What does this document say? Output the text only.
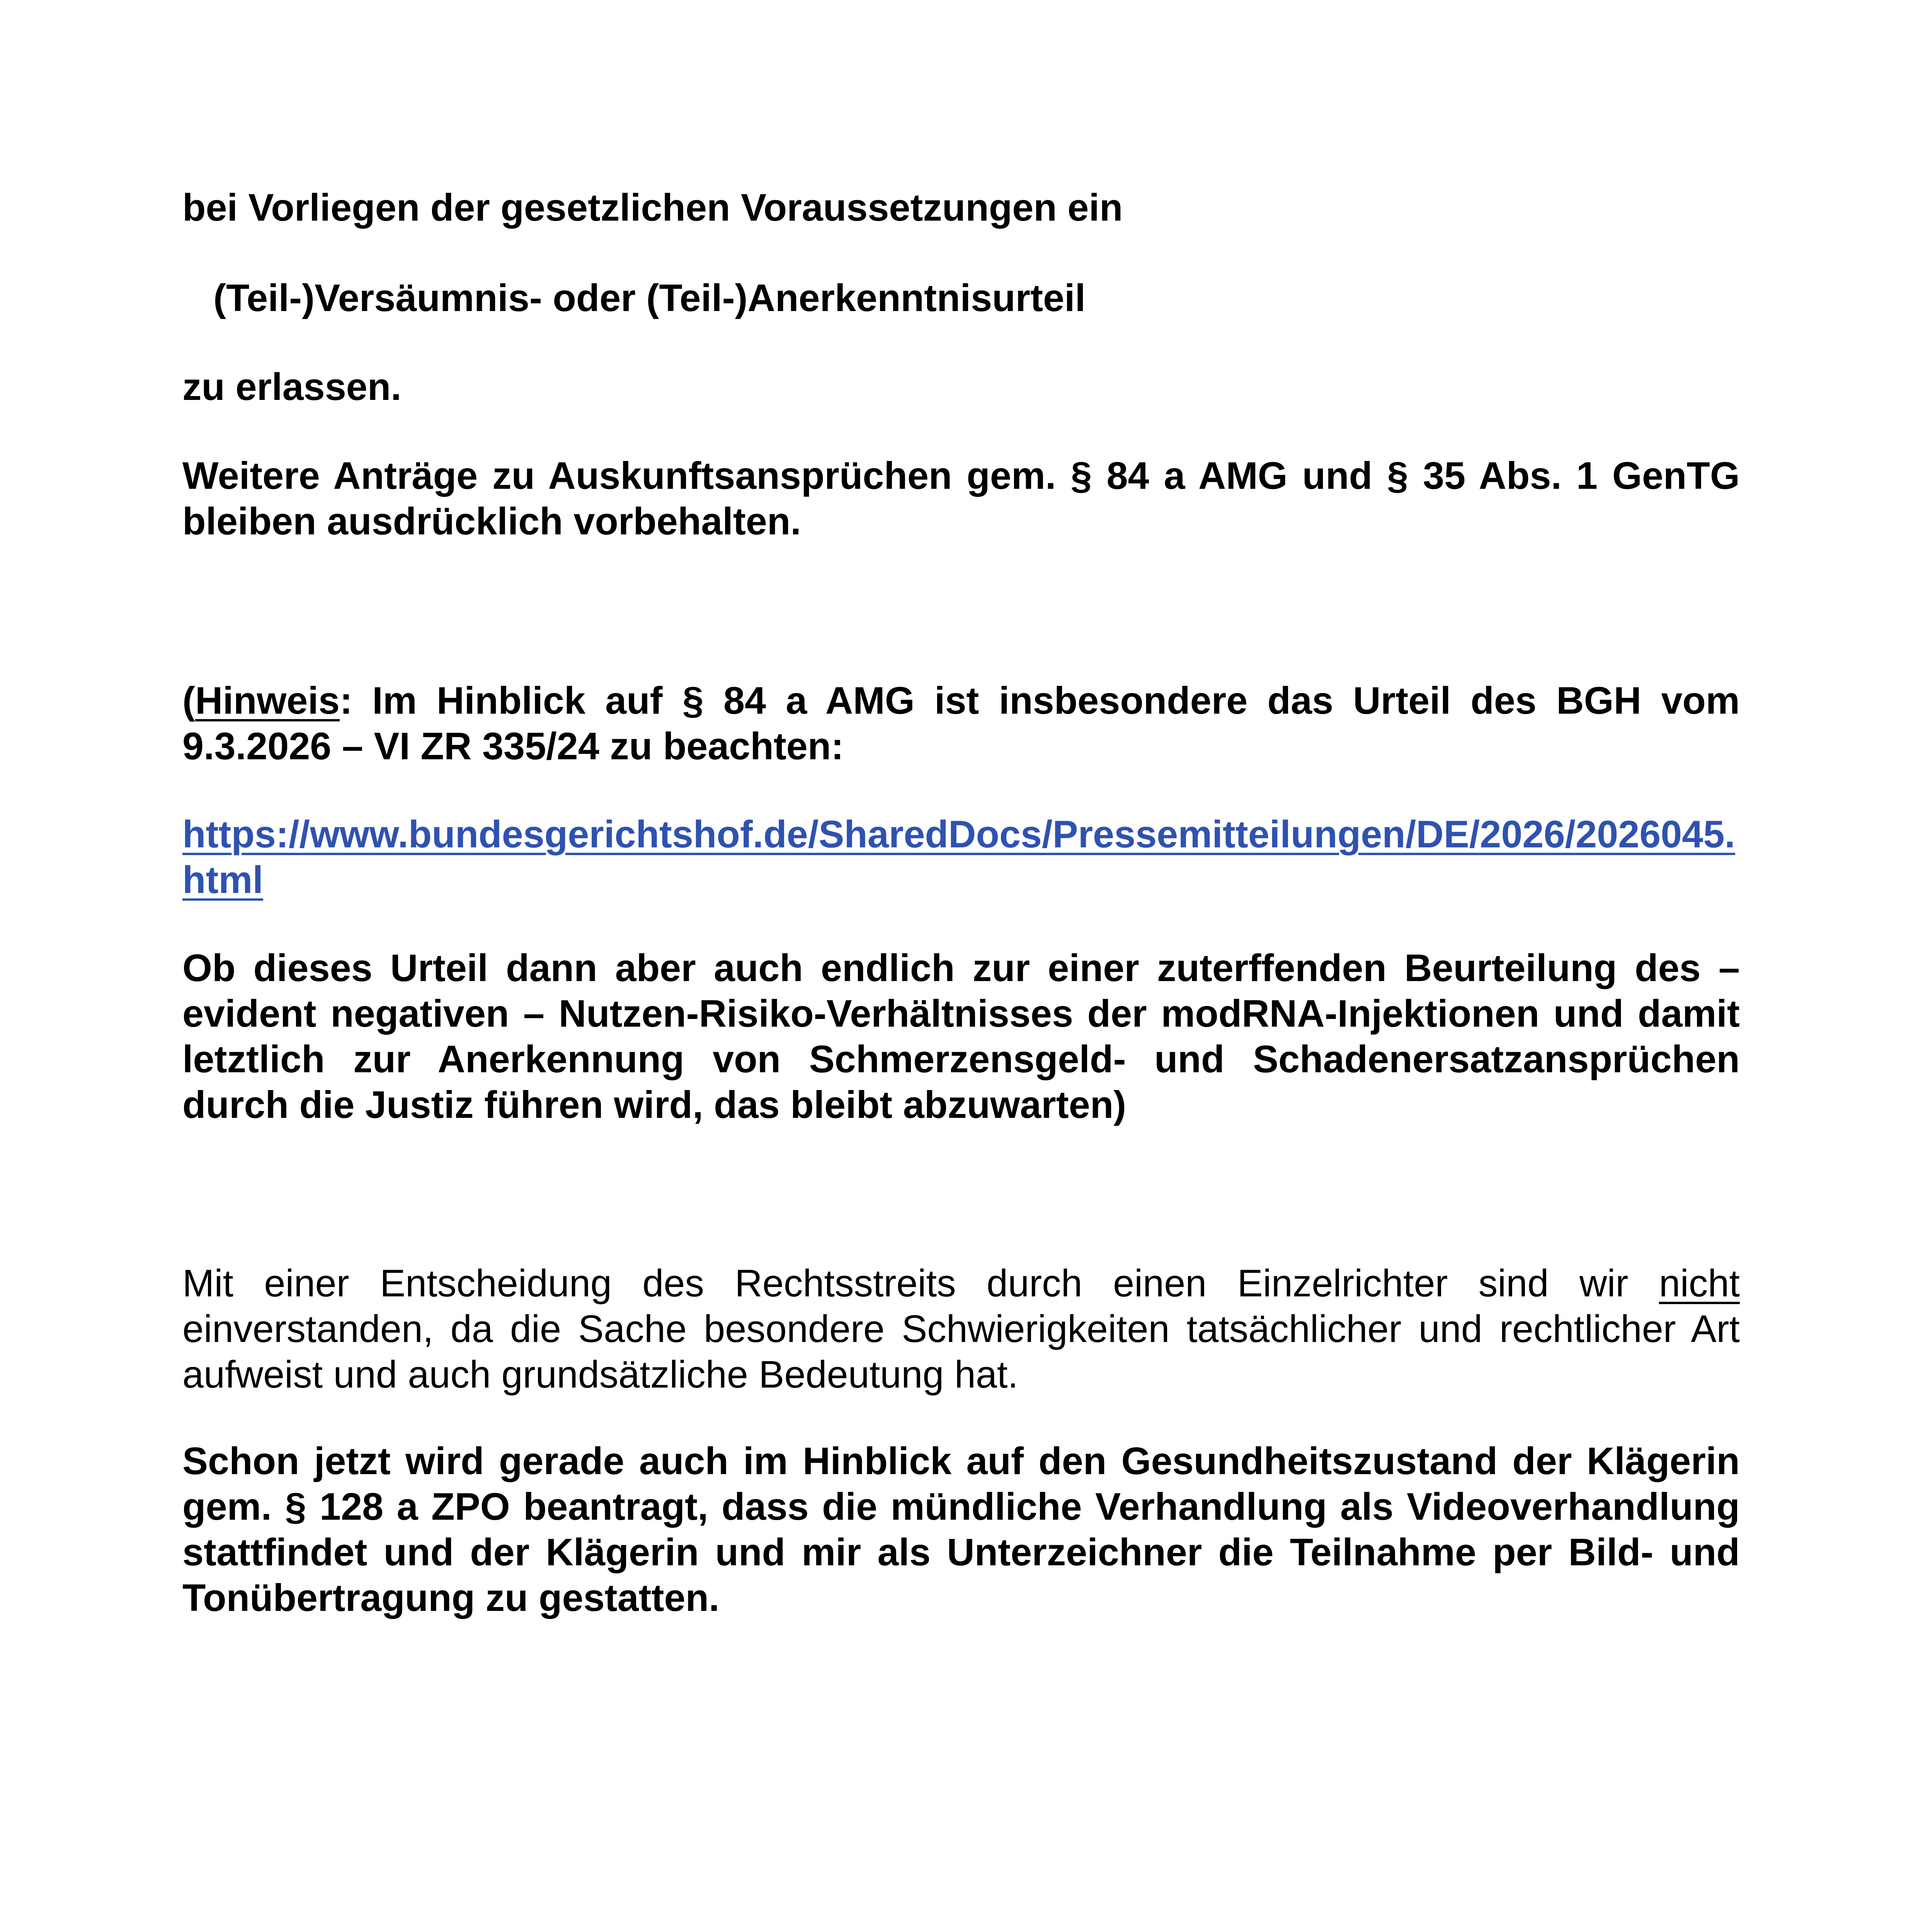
bei Vorliegen der gesetzlichen Voraussetzungen ein

(Teil-)Versäumnis- oder (Teil-)Anerkenntnisurteil

zu erlassen.

Weitere Anträge zu Auskunftsansprüchen gem. § 84 a AMG und § 35 Abs. 1 GenTG bleiben ausdrücklich vorbehalten.

(Hinweis: Im Hinblick auf § 84 a AMG ist insbesondere das Urteil des BGH vom 9.3.2026 – VI ZR 335/24 zu beachten:

https://www.bundesgerichtshof.de/SharedDocs/Pressemitteilungen/DE/2026/2026045.html

Ob dieses Urteil dann aber auch endlich zur einer zuterffenden Beurteilung des – evident negativen – Nutzen-Risiko-Verhältnisses der modRNA-Injektionen und damit letztlich zur Anerkennung von Schmerzensgeld- und Schadenersatzansprüchen durch die Justiz führen wird, das bleibt abzuwarten)

Mit einer Entscheidung des Rechtsstreits durch einen Einzelrichter sind wir nicht einverstanden, da die Sache besondere Schwierigkeiten tatsächlicher und rechtlicher Art aufweist und auch grundsätzliche Bedeutung hat.

Schon jetzt wird gerade auch im Hinblick auf den Gesundheitszustand der Klägerin gem. § 128 a ZPO beantragt, dass die mündliche Verhandlung als Videoverhandlung stattfindet und der Klägerin und mir als Unterzeichner die Teilnahme per Bild- und Tonübertragung zu gestatten.
